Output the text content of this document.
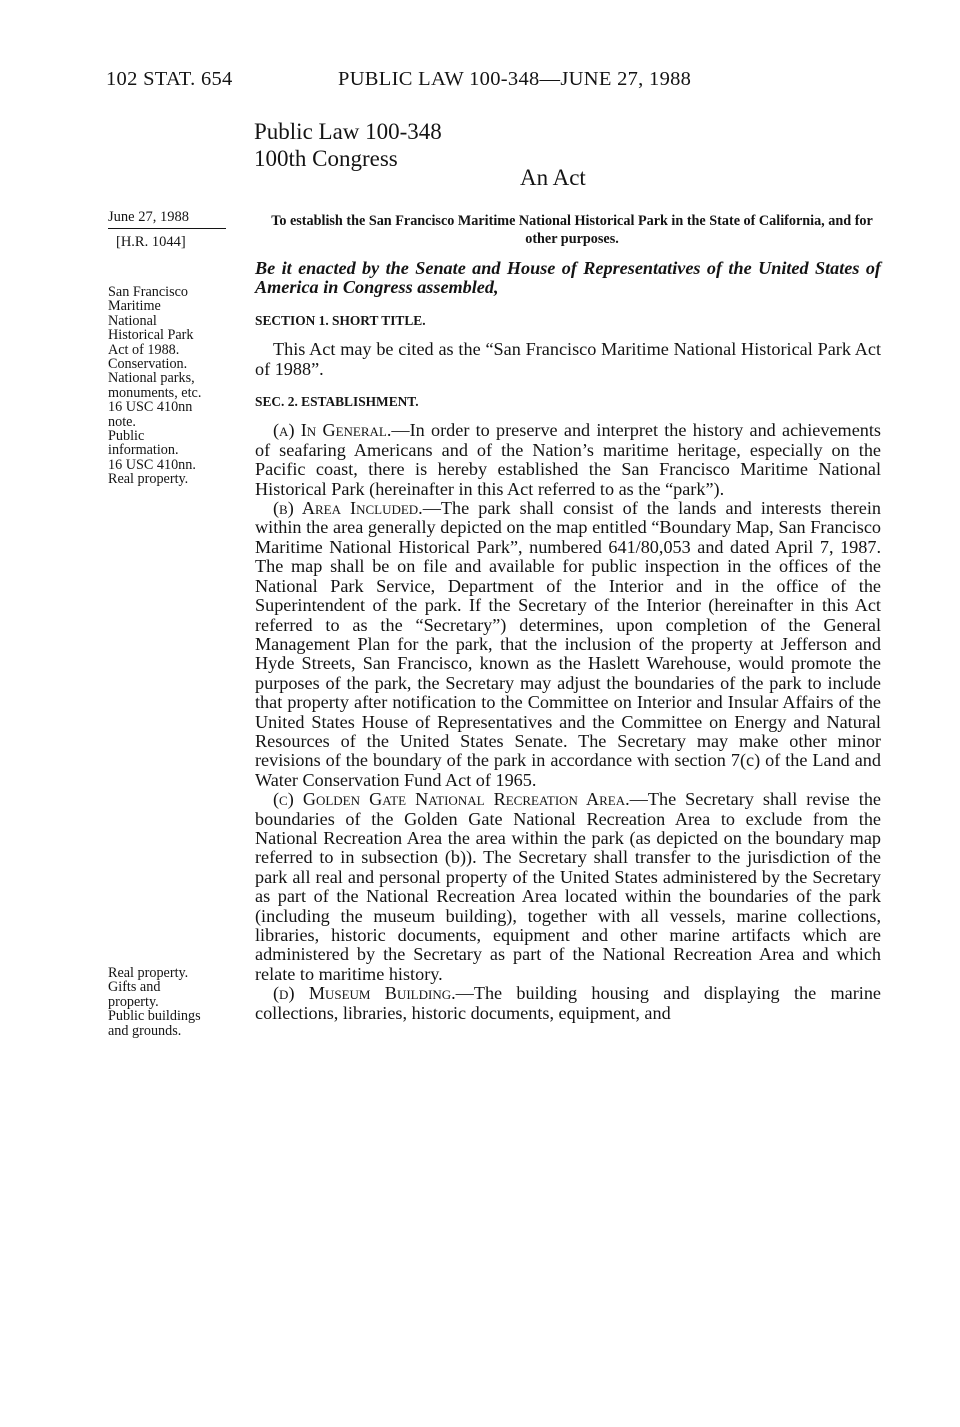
102 STAT. 654	PUBLIC LAW 100-348—JUNE 27, 1988
Public Law 100-348
100th Congress
An Act
June 27, 1988
[H.R. 1044]
San Francisco
Maritime
National
Historical Park
Act of 1988.
Conservation.
National parks,
monuments, etc.
16 USC 410nn
note.
Public
information.
16 USC 410nn.
Real property.
Real property.
Gifts and
property.
Public buildings
and grounds.
To establish the San Francisco Maritime National Historical Park in the State of California, and for other purposes.

Be it enacted by the Senate and House of Representatives of the United States of America in Congress assembled,

SECTION 1. SHORT TITLE.

This Act may be cited as the “San Francisco Maritime National Historical Park Act of 1988”.

SEC. 2. ESTABLISHMENT.

(a) In General.—In order to preserve and interpret the history and achievements of seafaring Americans and of the Nation’s maritime heritage, especially on the Pacific coast, there is hereby established the San Francisco Maritime National Historical Park (hereinafter in this Act referred to as the “park”).

(b) Area Included.—The park shall consist of the lands and interests therein within the area generally depicted on the map entitled “Boundary Map, San Francisco Maritime National Historical Park”, numbered 641/80,053 and dated April 7, 1987. The map shall be on file and available for public inspection in the offices of the National Park Service, Department of the Interior and in the office of the Superintendent of the park. If the Secretary of the Interior (hereinafter in this Act referred to as the “Secretary”) determines, upon completion of the General Management Plan for the park, that the inclusion of the property at Jefferson and Hyde Streets, San Francisco, known as the Haslett Warehouse, would promote the purposes of the park, the Secretary may adjust the boundaries of the park to include that property after notification to the Committee on Interior and Insular Affairs of the United States House of Representatives and the Committee on Energy and Natural Resources of the United States Senate. The Secretary may make other minor revisions of the boundary of the park in accordance with section 7(c) of the Land and Water Conservation Fund Act of 1965.

(c) Golden Gate National Recreation Area.—The Secretary shall revise the boundaries of the Golden Gate National Recreation Area to exclude from the National Recreation Area the area within the park (as depicted on the boundary map referred to in subsection (b)). The Secretary shall transfer to the jurisdiction of the park all real and personal property of the United States administered by the Secretary as part of the National Recreation Area located within the boundaries of the park (including the museum building), together with all vessels, marine collections, libraries, historic documents, equipment and other marine artifacts which are administered by the Secretary as part of the National Recreation Area and which relate to maritime history.

(d) Museum Building.—The building housing and displaying the marine collections, libraries, historic documents, equipment, and
